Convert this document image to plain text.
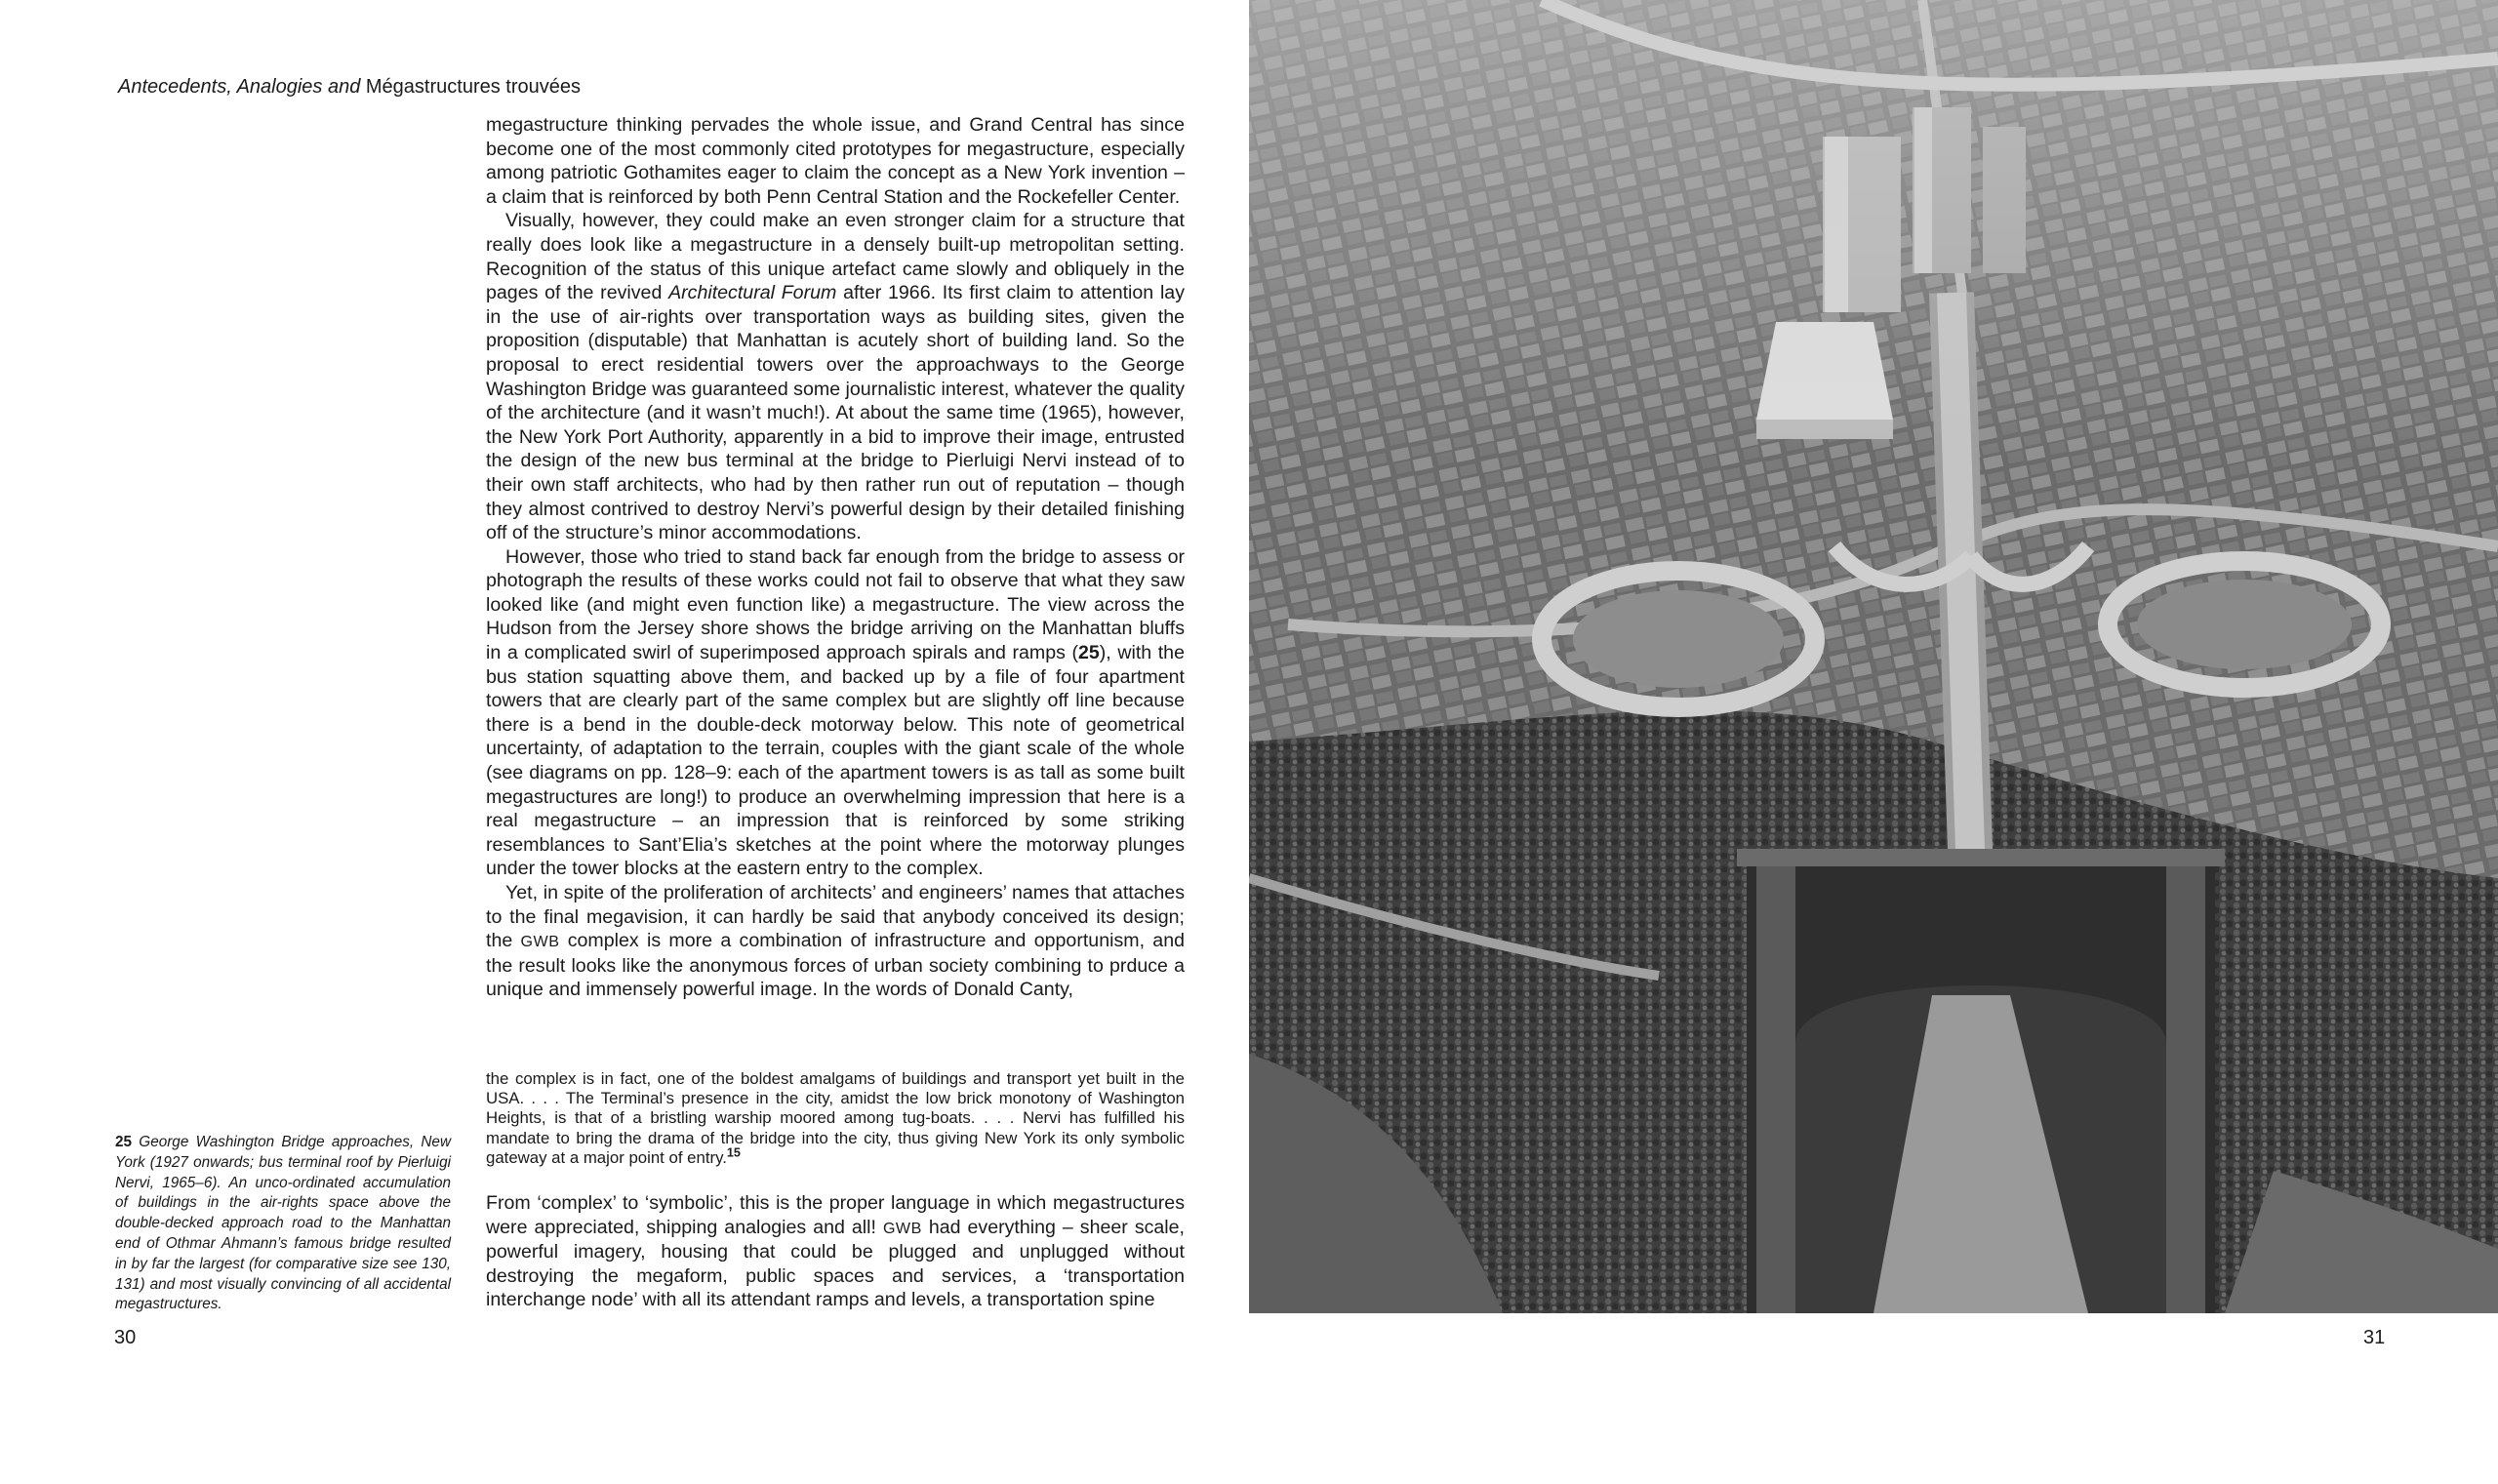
Antecedents, Analogies and Mégastructures trouvées

megastructure thinking pervades the whole issue, and Grand Central has since become one of the most commonly cited prototypes for megastructure, especially among patriotic Gothamites eager to claim the concept as a New York invention – a claim that is reinforced by both Penn Central Station and the Rockefeller Center.

Visually, however, they could make an even stronger claim for a structure that really does look like a megastructure in a densely built-up metropolitan setting. Recognition of the status of this unique artefact came slowly and obliquely in the pages of the revived Architectural Forum after 1966. Its first claim to attention lay in the use of air-rights over transportation ways as building sites, given the proposition (disputable) that Manhattan is acutely short of building land. So the proposal to erect residential towers over the approachways to the George Washington Bridge was guaranteed some journalistic interest, whatever the quality of the architecture (and it wasn’t much!). At about the same time (1965), however, the New York Port Authority, apparently in a bid to improve their image, entrusted the design of the new bus terminal at the bridge to Pierluigi Nervi instead of to their own staff architects, who had by then rather run out of reputation – though they almost contrived to destroy Nervi’s powerful design by their detailed finishing off of the structure’s minor accommodations.

However, those who tried to stand back far enough from the bridge to assess or photograph the results of these works could not fail to observe that what they saw looked like (and might even function like) a megastructure. The view across the Hudson from the Jersey shore shows the bridge arriving on the Manhattan bluffs in a complicated swirl of superimposed approach spirals and ramps (25), with the bus station squatting above them, and backed up by a file of four apartment towers that are clearly part of the same complex but are slightly off line because there is a bend in the double-deck motorway below. This note of geometrical uncertainty, of adaptation to the terrain, couples with the giant scale of the whole (see diagrams on pp. 128–9: each of the apartment towers is as tall as some built megastructures are long!) to produce an overwhelming impression that here is a real megastructure – an impression that is reinforced by some striking resemblances to Sant’Elia’s sketches at the point where the motorway plunges under the tower blocks at the eastern entry to the complex.

Yet, in spite of the proliferation of architects’ and engineers’ names that attaches to the final megavision, it can hardly be said that anybody conceived its design; the GWB complex is more a combination of infrastructure and opportunism, and the result looks like the anonymous forces of urban society combining to prduce a unique and immensely powerful image. In the words of Donald Canty,

the complex is in fact, one of the boldest amalgams of buildings and transport yet built in the USA. . . . The Terminal’s presence in the city, amidst the low brick monotony of Washington Heights, is that of a bristling warship moored among tug-boats. . . . Nervi has fulfilled his mandate to bring the drama of the bridge into the city, thus giving New York its only symbolic gateway at a major point of entry.$^{15}$

From ‘complex’ to ‘symbolic’, this is the proper language in which megastructures were appreciated, shipping analogies and all! GWB had everything – sheer scale, powerful imagery, housing that could be plugged and unplugged without destroying the megaform, public spaces and services, a ‘transportation interchange node’ with all its attendant ramps and levels, a transportation spine

25 George Washington Bridge approaches, New York (1927 onwards; bus terminal roof by Pierluigi Nervi, 1965–6). An unco-ordinated accumulation of buildings in the air-rights space above the double-decked approach road to the Manhattan end of Othmar Ahmann’s famous bridge resulted in by far the largest (for comparative size see 130, 131) and most visually convincing of all accidental megastructures.
30	31
